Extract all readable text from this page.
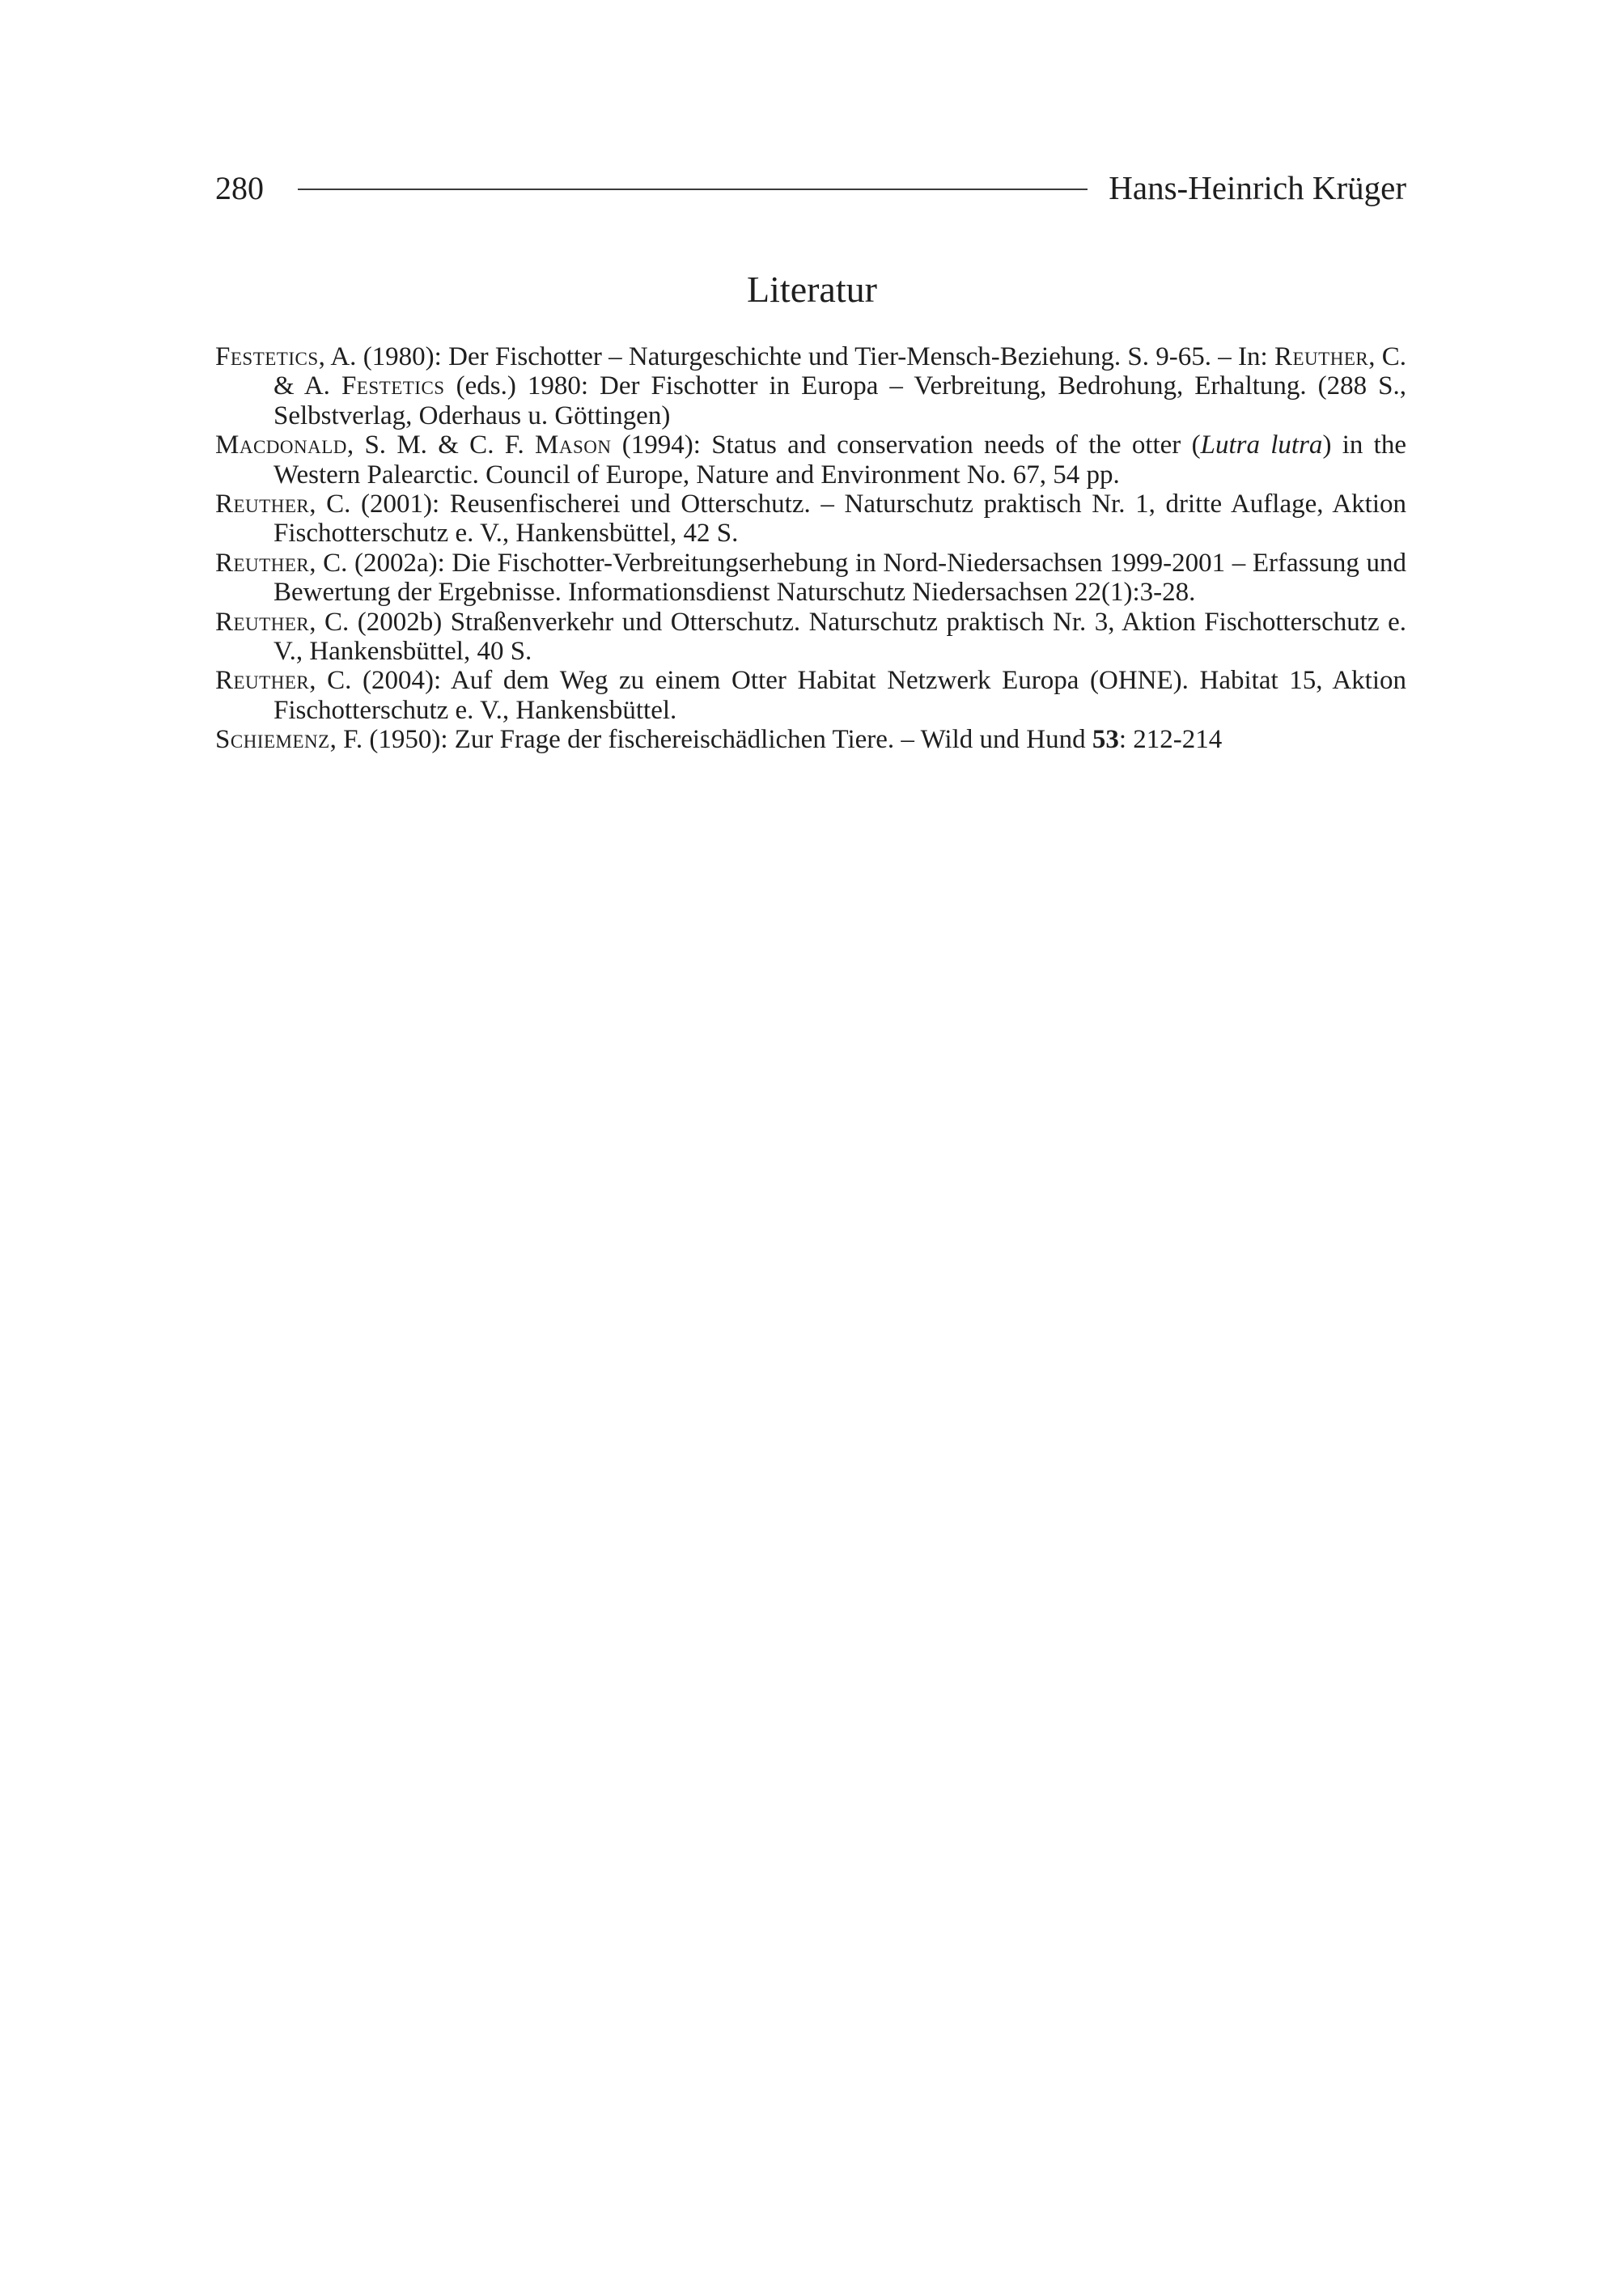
280	Hans-Heinrich Krüger
Literatur

Festetics, A. (1980): Der Fischotter – Naturgeschichte und Tier-Mensch-Beziehung. S. 9-65. – In: Reuther, C. & A. Festetics (eds.) 1980: Der Fischotter in Europa – Verbreitung, Bedrohung, Erhaltung. (288 S., Selbstverlag, Oderhaus u. Göttingen)

Macdonald, S. M. & C. F. Mason (1994): Status and conservation needs of the otter (Lutra lutra) in the Western Palearctic. Council of Europe, Nature and Environment No. 67, 54 pp.

Reuther, C. (2001): Reusenfischerei und Otterschutz. – Naturschutz praktisch Nr. 1, dritte Auflage, Aktion Fischotterschutz e. V., Hankensbüttel, 42 S.

Reuther, C. (2002a): Die Fischotter-Verbreitungserhebung in Nord-Niedersachsen 1999-2001 – Erfassung und Bewertung der Ergebnisse. Informationsdienst Naturschutz Niedersachsen 22(1):3-28.

Reuther, C. (2002b) Straßenverkehr und Otterschutz. Naturschutz praktisch Nr. 3, Aktion Fischotterschutz e. V., Hankensbüttel, 40 S.

Reuther, C. (2004): Auf dem Weg zu einem Otter Habitat Netzwerk Europa (OHNE). Habitat 15, Aktion Fischotterschutz e. V., Hankensbüttel.

Schiemenz, F. (1950): Zur Frage der fischereischädlichen Tiere. – Wild und Hund 53: 212-214
